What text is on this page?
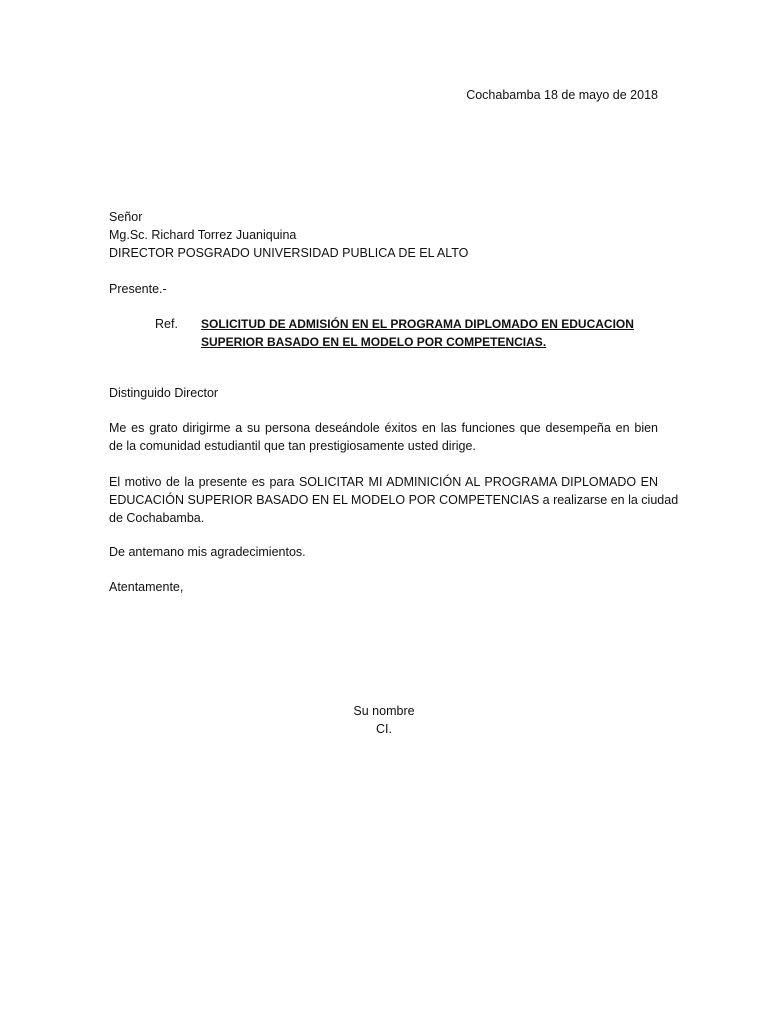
Cochabamba 18 de mayo de 2018
Señor
Mg.Sc. Richard Torrez Juaniquina
DIRECTOR POSGRADO UNIVERSIDAD PUBLICA DE EL ALTO
Presente.-
Ref. SOLICITUD DE ADMISIÓN EN EL PROGRAMA DIPLOMADO EN EDUCACION
SUPERIOR BASADO EN EL MODELO POR COMPETENCIAS.
Distinguido Director
Me es grato dirigirme a su persona deseándole éxitos en las funciones que desempeña en bien
de la comunidad estudiantil que tan prestigiosamente usted dirige.
El motivo de la presente es para SOLICITAR MI ADMINICIÓN AL PROGRAMA DIPLOMADO EN
EDUCACIÓN SUPERIOR BASADO EN EL MODELO POR COMPETENCIAS a realizarse en la ciudad
de Cochabamba.
De antemano mis agradecimientos.
Atentamente,
Su nombre
CI.
